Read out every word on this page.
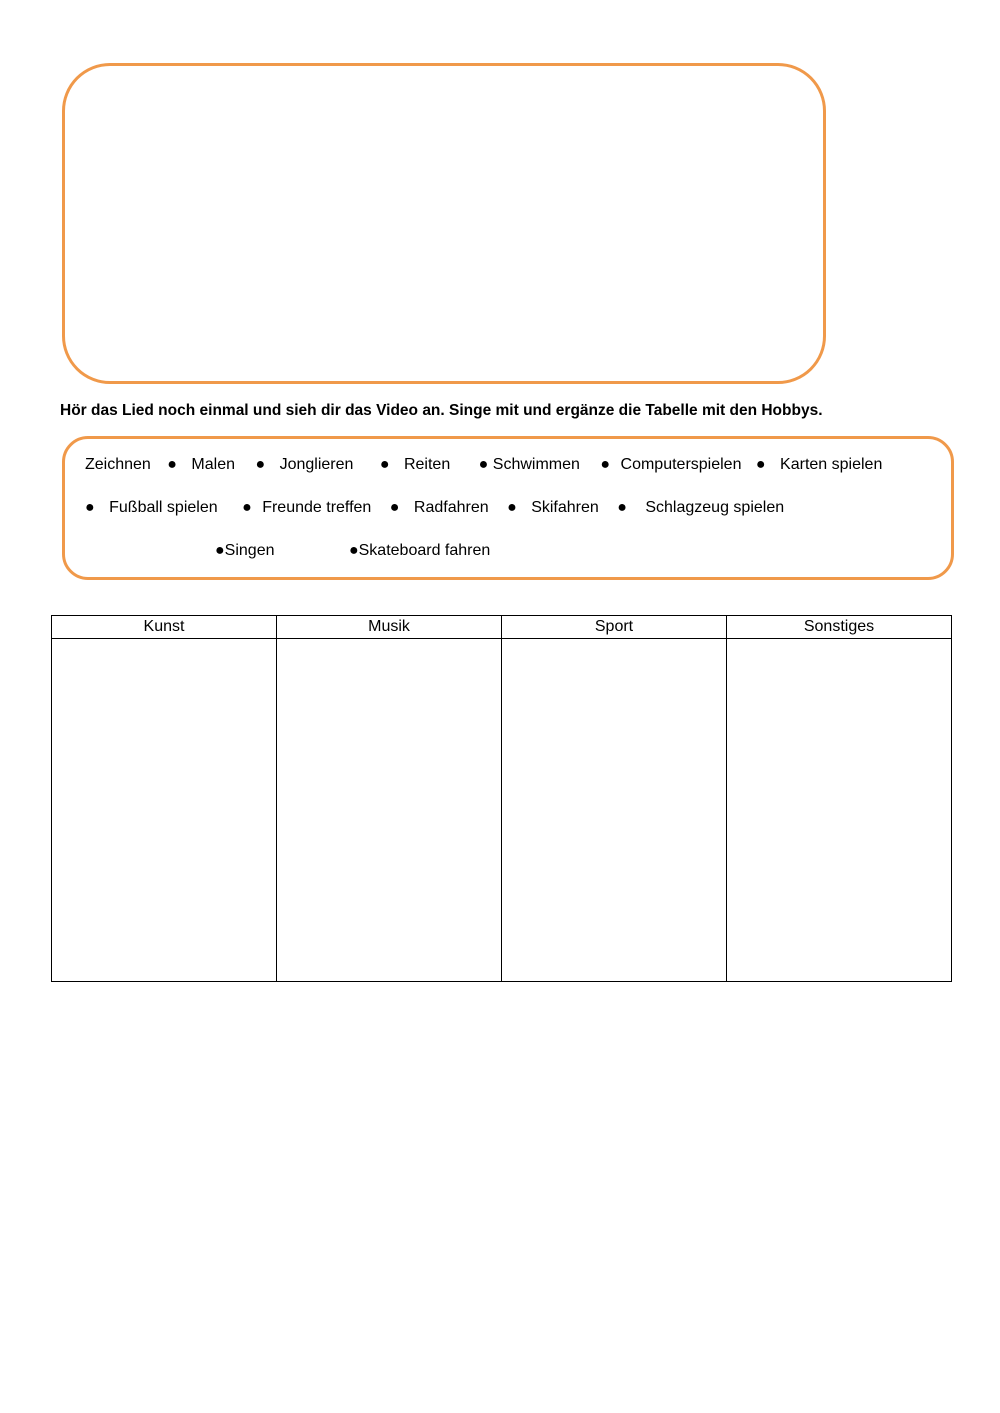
Hör das Lied noch einmal und sieh dir das Video an. Singe mit und ergänze die Tabelle mit den Hobbys.
Zeichnen ● Malen ● Jonglieren ● Reiten ● Schwimmen ● Computerspielen ● Karten spielen
● Fußball spielen ● Freunde treffen ● Radfahren ● Skifahren ● Schlagzeug spielen
●Singen	●Skateboard fahren
Kunst	Musik	Sport	Sonstiges
